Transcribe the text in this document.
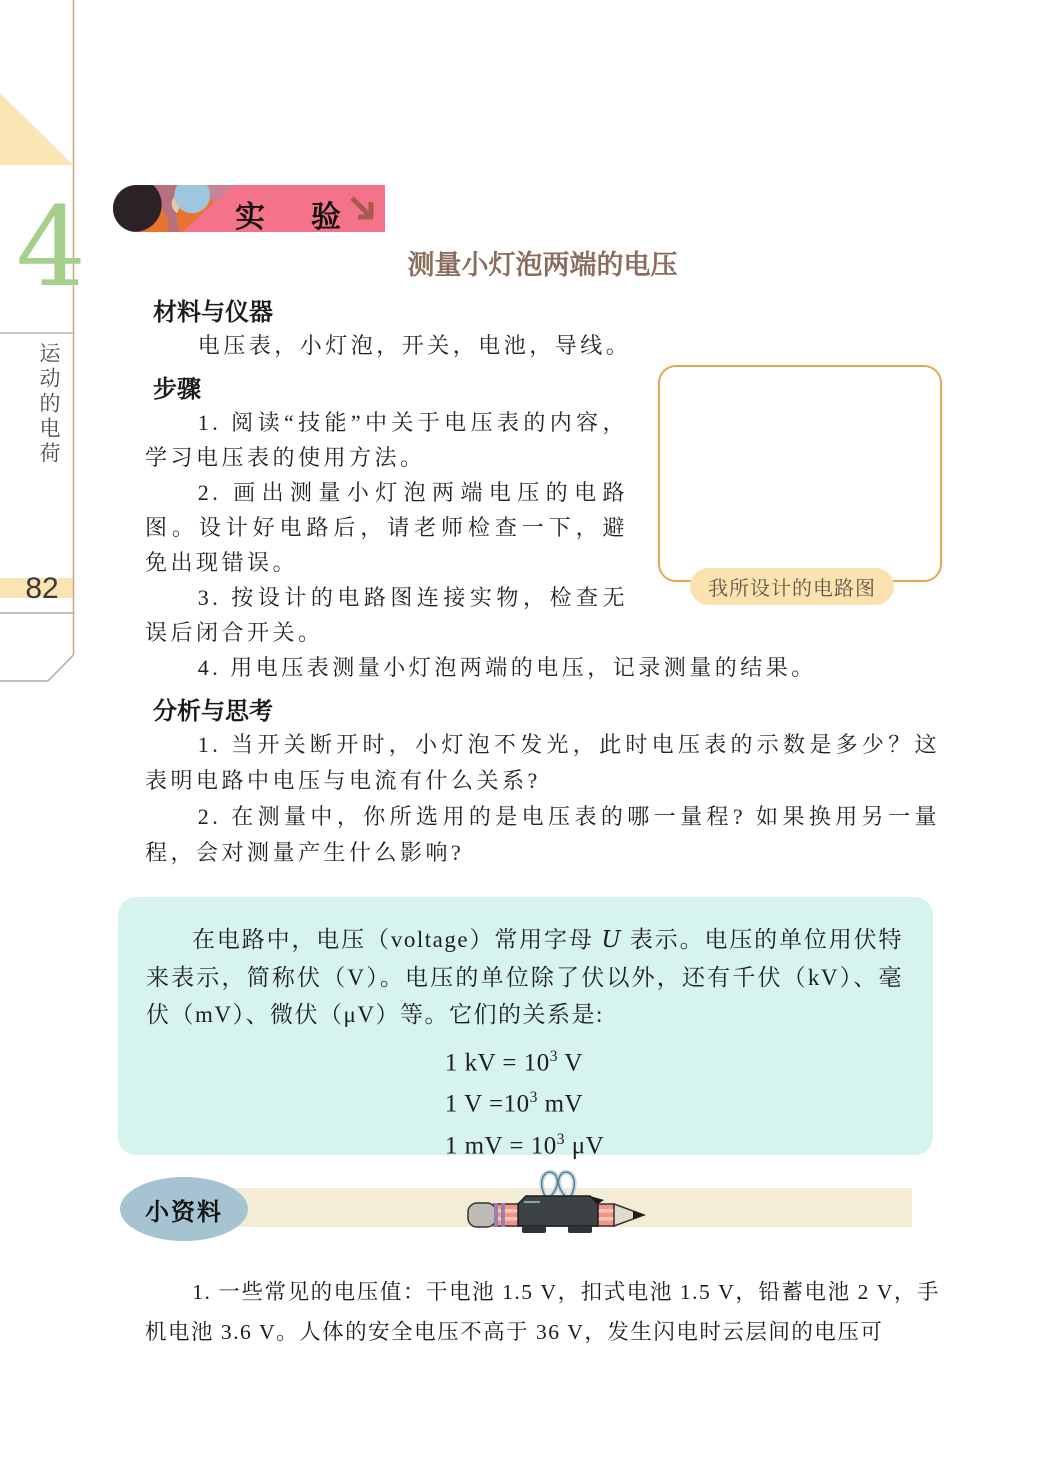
4
运动的电荷
82
实　验
测量小灯泡两端的电压
材料与仪器

电压表，小灯泡，开关，电池，导线。

我所设计的电路图
步骤

1. 阅读“技能”中关于电压表的内容，学习电压表的使用方法。

2. 画出测量小灯泡两端电压的电路图。设计好电路后，请老师检查一下，避免出现错误。

3. 按设计的电路图连接实物，检查无误后闭合开关。

4. 用电压表测量小灯泡两端的电压，记录测量的结果。

分析与思考

1. 当开关断开时，小灯泡不发光，此时电压表的示数是多少？这表明电路中电压与电流有什么关系?

2. 在测量中，你所选用的是电压表的哪一量程? 如果换用另一量程，会对测量产生什么影响?

在电路中，电压（voltage）常用字母 U 表示。电压的单位用伏特来表示，简称伏（V）。电压的单位除了伏以外，还有千伏（kV）、毫伏（mV）、微伏（μV）等。它们的关系是:

1 kV = $10^3$ V
1 $V =10^3$ mV
1 mV = $10^3$ μV
小资料

1. 一些常见的电压值：干电池 1.5 V，扣式电池 1.5 V，铅蓄电池 2 V，手机电池 3.6 V。人体的安全电压不高于 36 V，发生闪电时云层间的电压可
